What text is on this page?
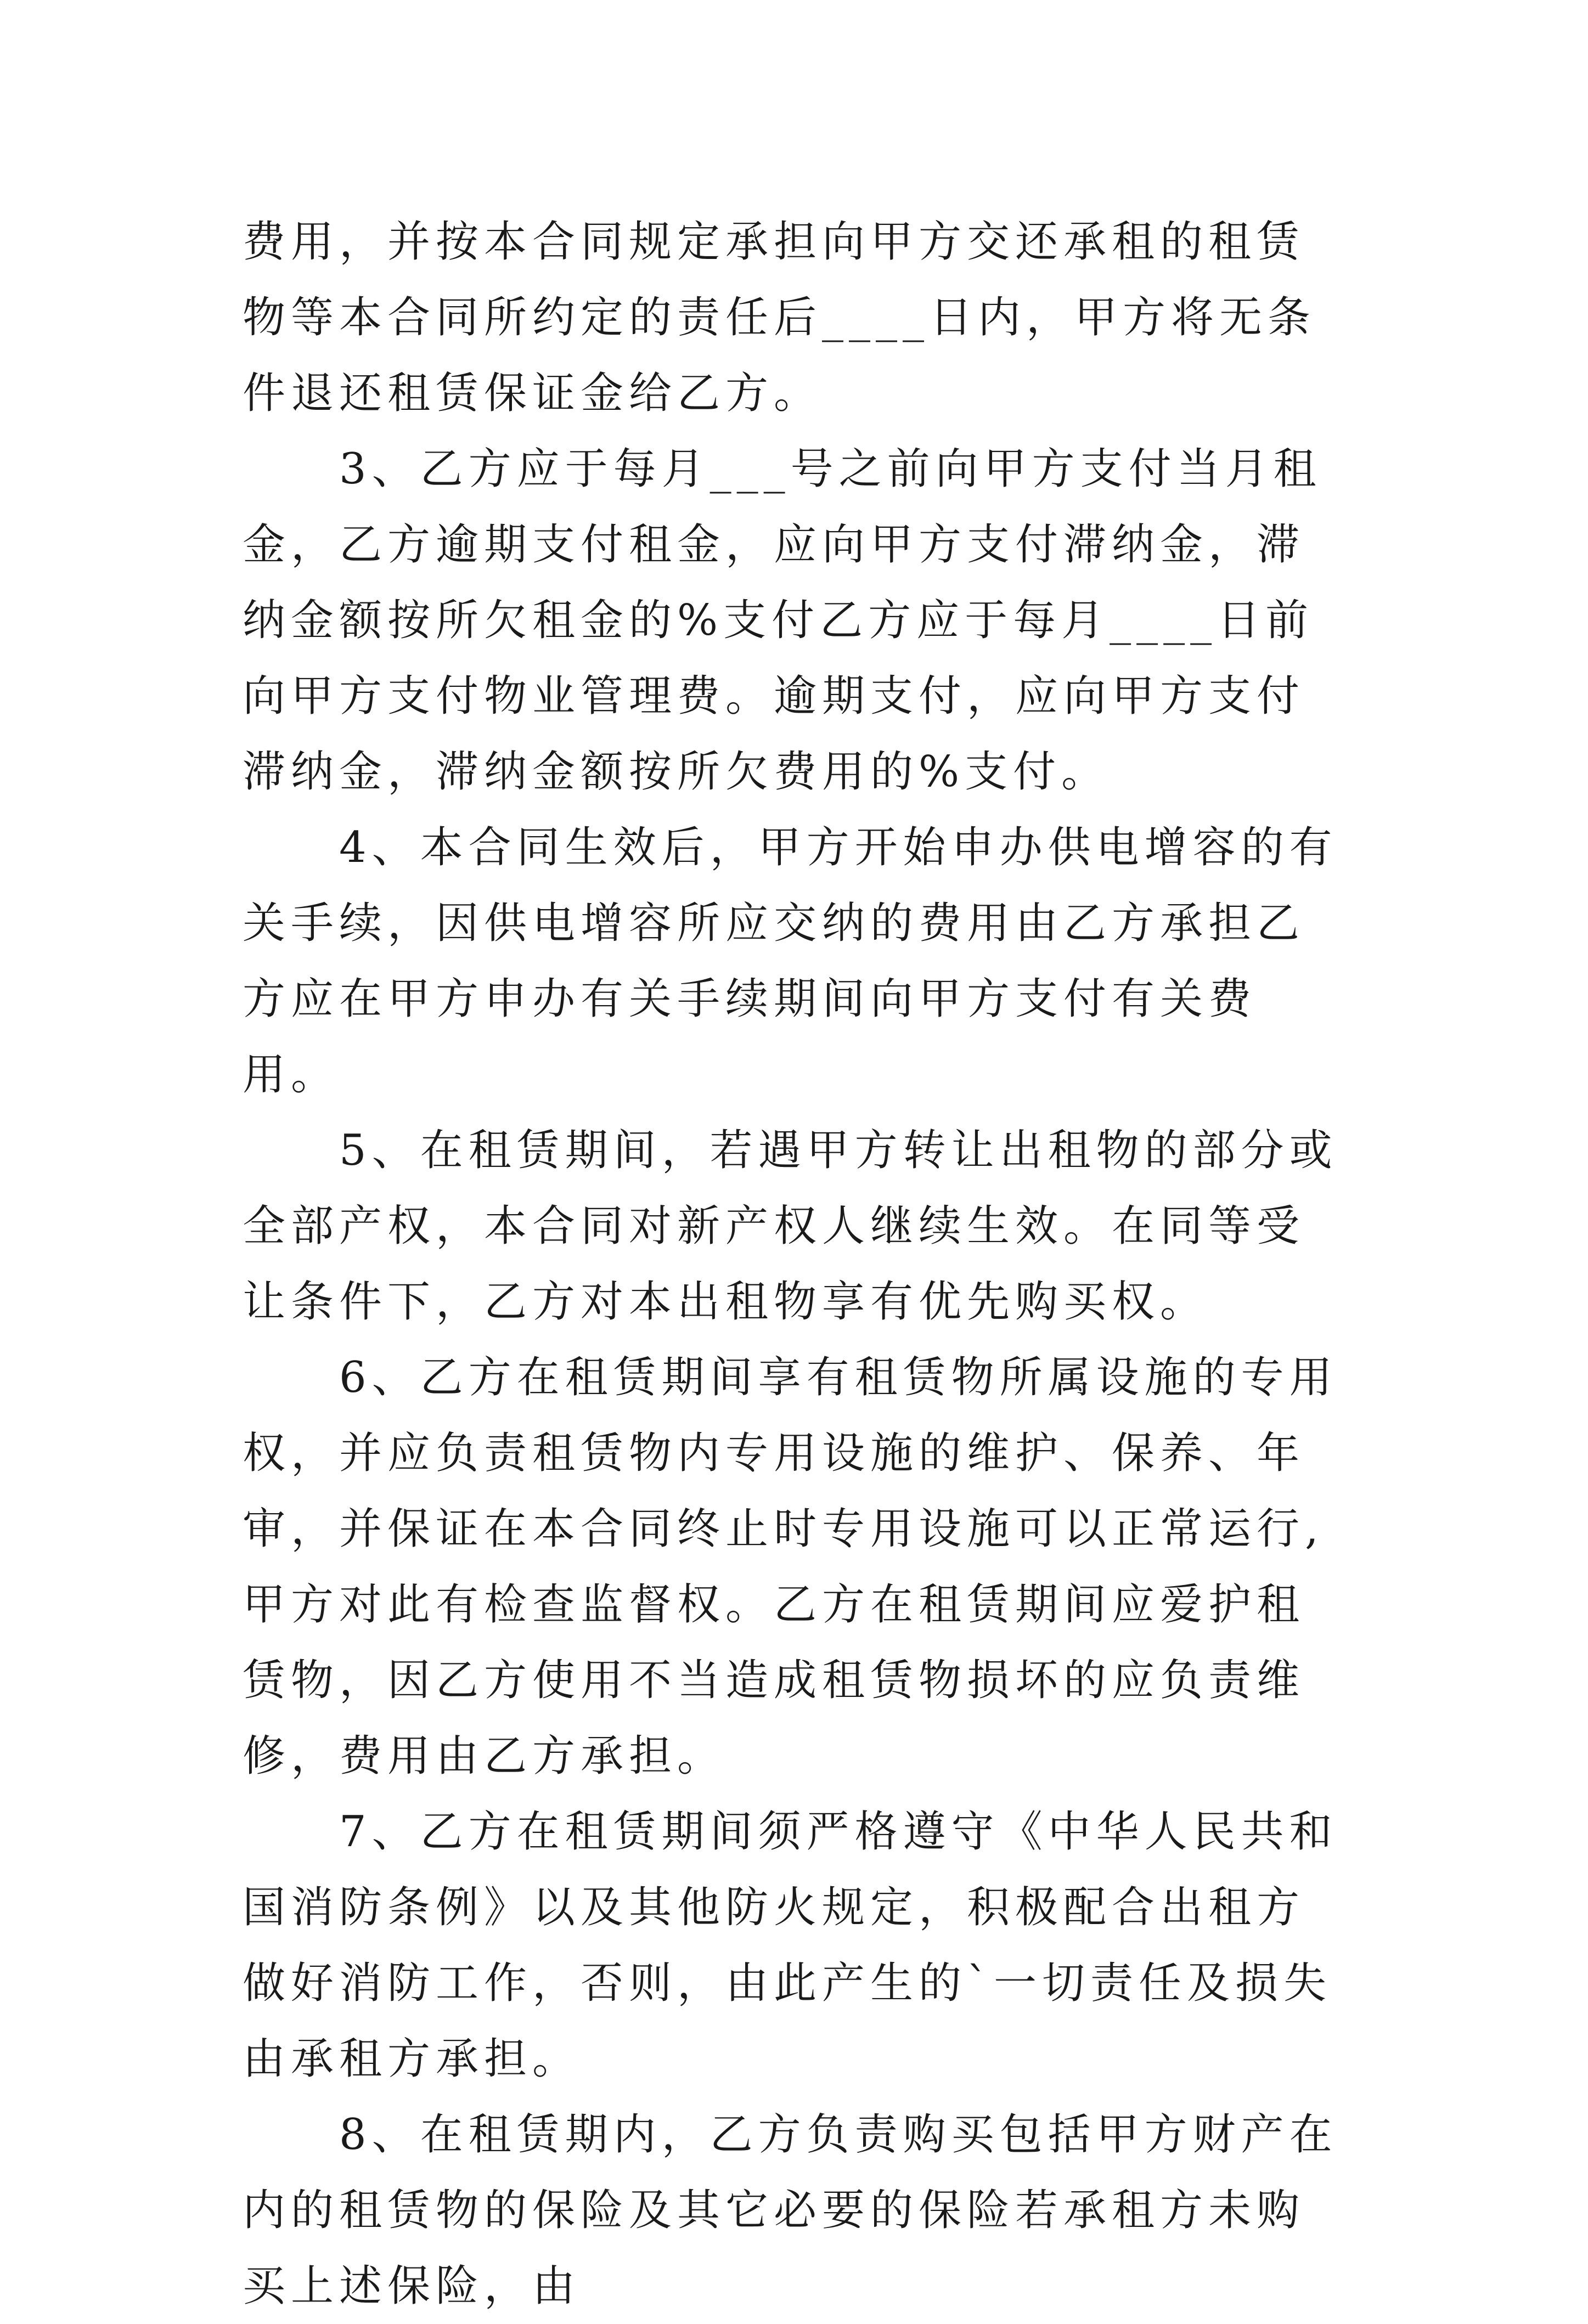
费用，并按本合同规定承担向甲方交还承租的租赁物等本合同所约定的责任后____日内，甲方将无条件退还租赁保证金给乙方。

3、乙方应于每月___号之前向甲方支付当月租金，乙方逾期支付租金，应向甲方支付滞纳金，滞纳金额按所欠租金的%支付乙方应于每月____日前向甲方支付物业管理费。逾期支付，应向甲方支付滞纳金，滞纳金额按所欠费用的%支付。

4、本合同生效后，甲方开始申办供电增容的有关手续，因供电增容所应交纳的费用由乙方承担乙方应在甲方申办有关手续期间向甲方支付有关费用。

5、在租赁期间，若遇甲方转让出租物的部分或全部产权，本合同对新产权人继续生效。在同等受让条件下，乙方对本出租物享有优先购买权。

6、乙方在租赁期间享有租赁物所属设施的专用权，并应负责租赁物内专用设施的维护、保养、年审，并保证在本合同终止时专用设施可以正常运行,甲方对此有检查监督权。乙方在租赁期间应爱护租赁物，因乙方使用不当造成租赁物损坏的应负责维修，费用由乙方承担。

7、乙方在租赁期间须严格遵守《中华人民共和国消防条例》以及其他防火规定，积极配合出租方做好消防工作，否则，由此产生的`一切责任及损失由承租方承担。

8、在租赁期内，乙方负责购买包括甲方财产在内的租赁物的保险及其它必要的保险若承租方未购买上述保险，由
